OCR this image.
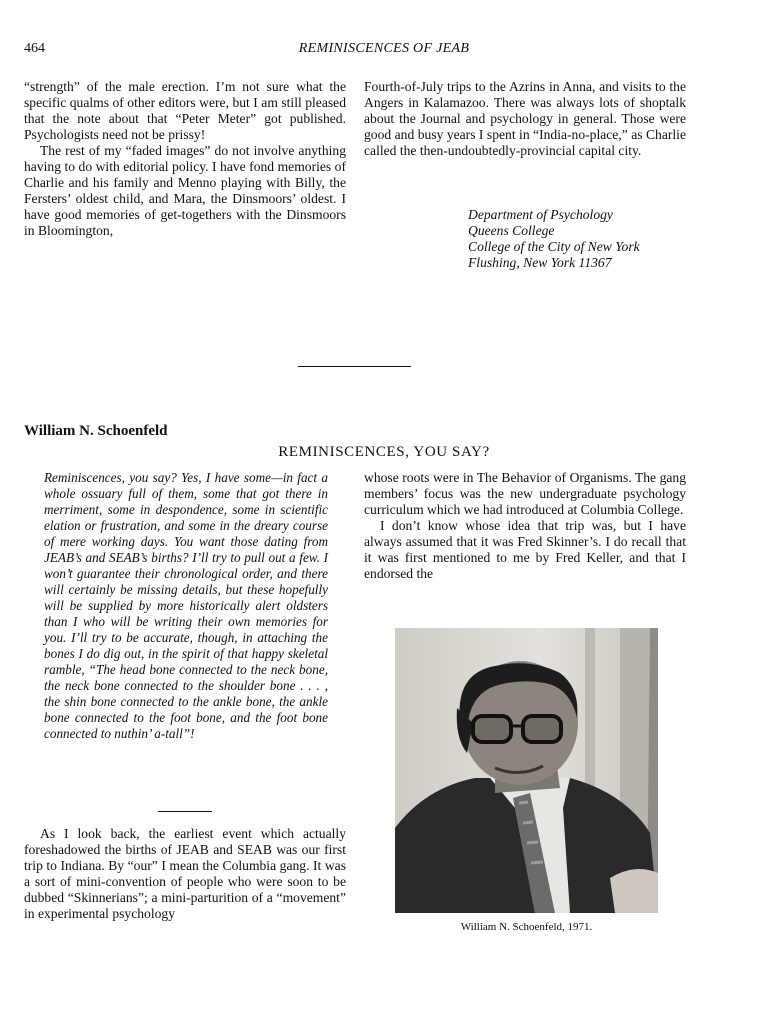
464	REMINISCENCES OF JEAB

“strength” of the male erection. I’m not sure what the specific qualms of other editors were, but I am still pleased that the note about that “Peter Meter” got published. Psychologists need not be prissy!

The rest of my “faded images” do not involve anything having to do with editorial policy. I have fond memories of Charlie and his family and Menno playing with Billy, the Fersters’ oldest child, and Mara, the Dinsmoors’ oldest. I have good memories of get-togethers with the Dinsmoors in Bloomington,

Fourth-of-July trips to the Azrins in Anna, and visits to the Angers in Kalamazoo. There was always lots of shoptalk about the Journal and psychology in general. Those were good and busy years I spent in “India-no-place,” as Charlie called the then-undoubtedly-provincial capital city.

Department of Psychology
Queens College
College of the City of New York
Flushing, New York 11367
William N. Schoenfeld
REMINISCENCES, YOU SAY?
Reminiscences, you say? Yes, I have some—in fact a whole ossuary full of them, some that got there in merriment, some in despondence, some in scientific elation or frustration, and some in the dreary course of mere working days. You want those dating from JEAB’s and SEAB’s births? I’ll try to pull out a few. I won’t guarantee their chronological order, and there will certainly be missing details, but these hopefully will be supplied by more historically alert oldsters than I who will be writing their own memories for you. I’ll try to be accurate, though, in attaching the bones I do dig out, in the spirit of that happy skeletal ramble, “The head bone connected to the neck bone, the neck bone connected to the shoulder bone . . . , the shin bone connected to the ankle bone, the ankle bone connected to the foot bone, and the foot bone connected to nuthin’ a-tall”!

As I look back, the earliest event which actually foreshadowed the births of JEAB and SEAB was our first trip to Indiana. By “our” I mean the Columbia gang. It was a sort of mini-convention of people who were soon to be dubbed “Skinnerians”; a mini-parturition of a “movement” in experimental psychology

whose roots were in The Behavior of Organisms. The gang members’ focus was the new undergraduate psychology curriculum which we had introduced at Columbia College.

I don’t know whose idea that trip was, but I have always assumed that it was Fred Skinner’s. I do recall that it was first mentioned to me by Fred Keller, and that I endorsed the

William N. Schoenfeld, 1971.
